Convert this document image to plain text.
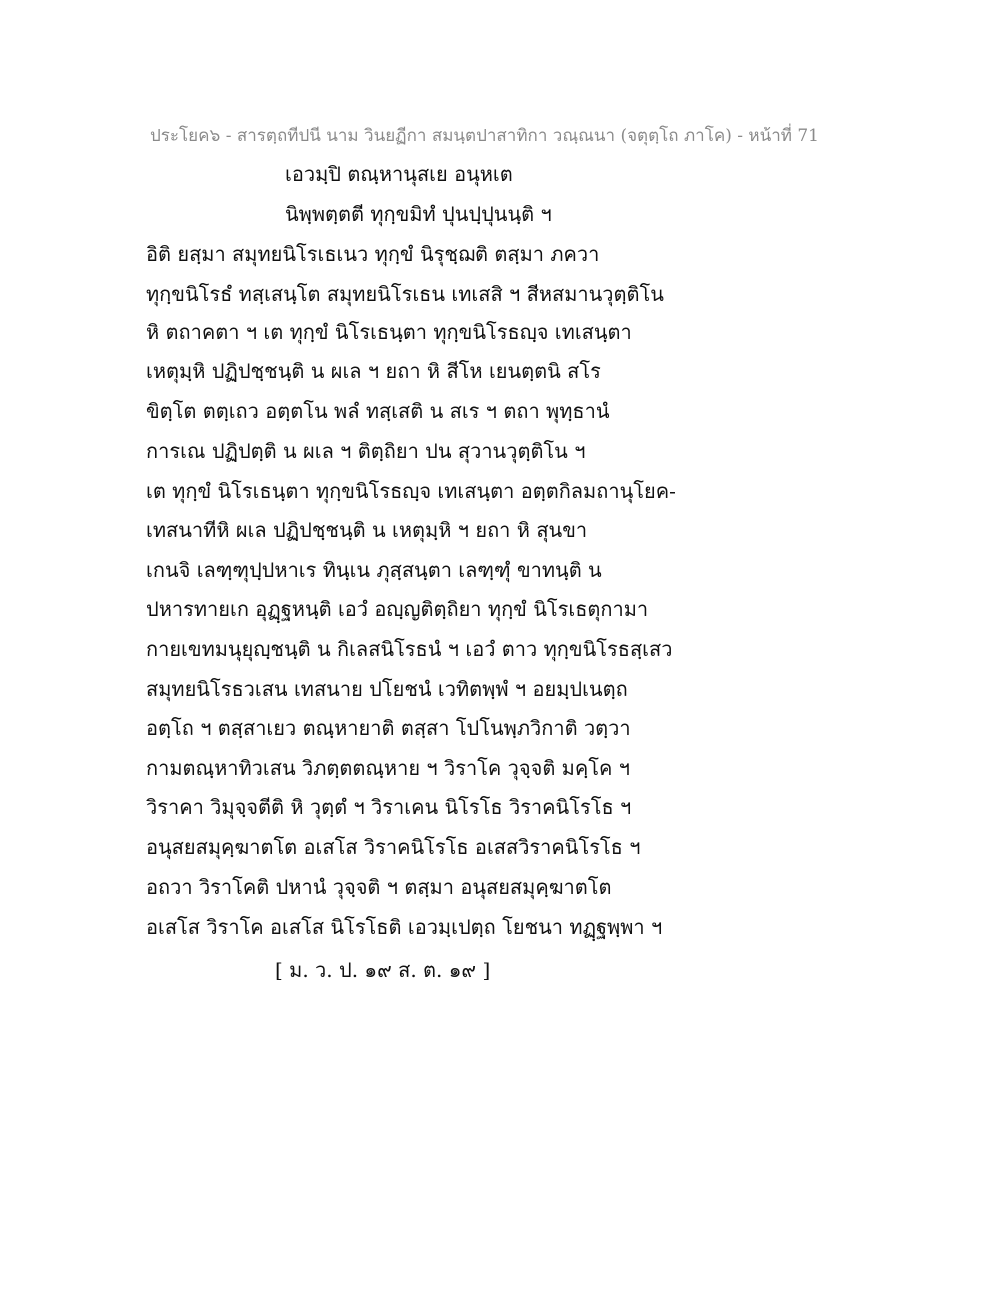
ประโยค๖ - สารตฺถทีปนี นาม วินยฏีกา สมนฺตปาสาทิกา วณฺณนา (จตุตฺโถ ภาโค) - หน้าที่ 71
เอวมฺปิ ตณฺหานุสเย อนุหเต
นิพฺพตฺตตี ทุกฺขมิทํ ปุนปฺปุนนฺติ ฯ
อิติ ยสฺมา สมุทยนิโรเธเนว ทุกฺขํ นิรุชฺฌติ ตสฺมา ภควา
ทุกฺขนิโรธํ ทสฺเสนฺโต สมุทยนิโรเธน เทเสสิ ฯ สีหสมานวุตฺติโน
หิ ตถาคตา ฯ เต ทุกฺขํ นิโรเธนฺตา ทุกฺขนิโรธญฺจ เทเสนฺตา
เหตุมฺหิ ปฏิปชฺชนฺติ น ผเล ฯ ยถา หิ สีโห เยนตฺตนิ สโร
ขิตฺโต ตตฺเถว อตฺตโน พลํ ทสฺเสติ น สเร ฯ ตถา พุทฺธานํ
การเณ ปฏิปตฺติ น ผเล ฯ ติตฺถิยา ปน สุวานวุตฺติโน ฯ
เต ทุกฺขํ นิโรเธนฺตา ทุกฺขนิโรธญฺจ เทเสนฺตา อตฺตกิลมถานุโยค-
เทสนาทีหิ ผเล ปฏิปชฺชนฺติ น เหตุมฺหิ ฯ ยถา หิ สุนขา
เกนจิ เลฑฺฑุปฺปหาเร ทินฺเน ภุสฺสนฺตา เลฑฺฑุํ ขาทนฺติ น
ปหารทายเก อุฏฺฐหนฺติ เอวํ อญฺญติตฺถิยา ทุกฺขํ นิโรเธตุกามา
กายเขทมนุยุญฺชนฺติ น กิเลสนิโรธนํ ฯ เอวํ ตาว ทุกฺขนิโรธสฺเสว
สมุทยนิโรธวเสน เทสนาย ปโยชนํ เวทิตพฺพํ ฯ อยมฺปเนตฺถ
อตฺโถ ฯ ตสฺสาเยว ตณฺหายาติ ตสฺสา โปโนพฺภวิกาติ วตฺวา
กามตณฺหาทิวเสน วิภตฺตตณฺหาย ฯ วิราโค วุจฺจติ มคฺโค ฯ
วิราคา วิมุจฺจตีติ หิ วุตฺตํ ฯ วิราเคน นิโรโธ วิราคนิโรโธ ฯ
อนุสยสมุคฺฆาตโต อเสโส วิราคนิโรโธ อเสสวิราคนิโรโธ ฯ
อถวา วิราโคติ ปหานํ วุจฺจติ ฯ ตสฺมา อนุสยสมุคฺฆาตโต
อเสโส วิราโค อเสโส นิโรโธติ เอวมฺเปตฺถ โยชนา ทฏฺฐพฺพา ฯ
[ ม. ว. ป. ๑๙ ส. ต. ๑๙ ]
